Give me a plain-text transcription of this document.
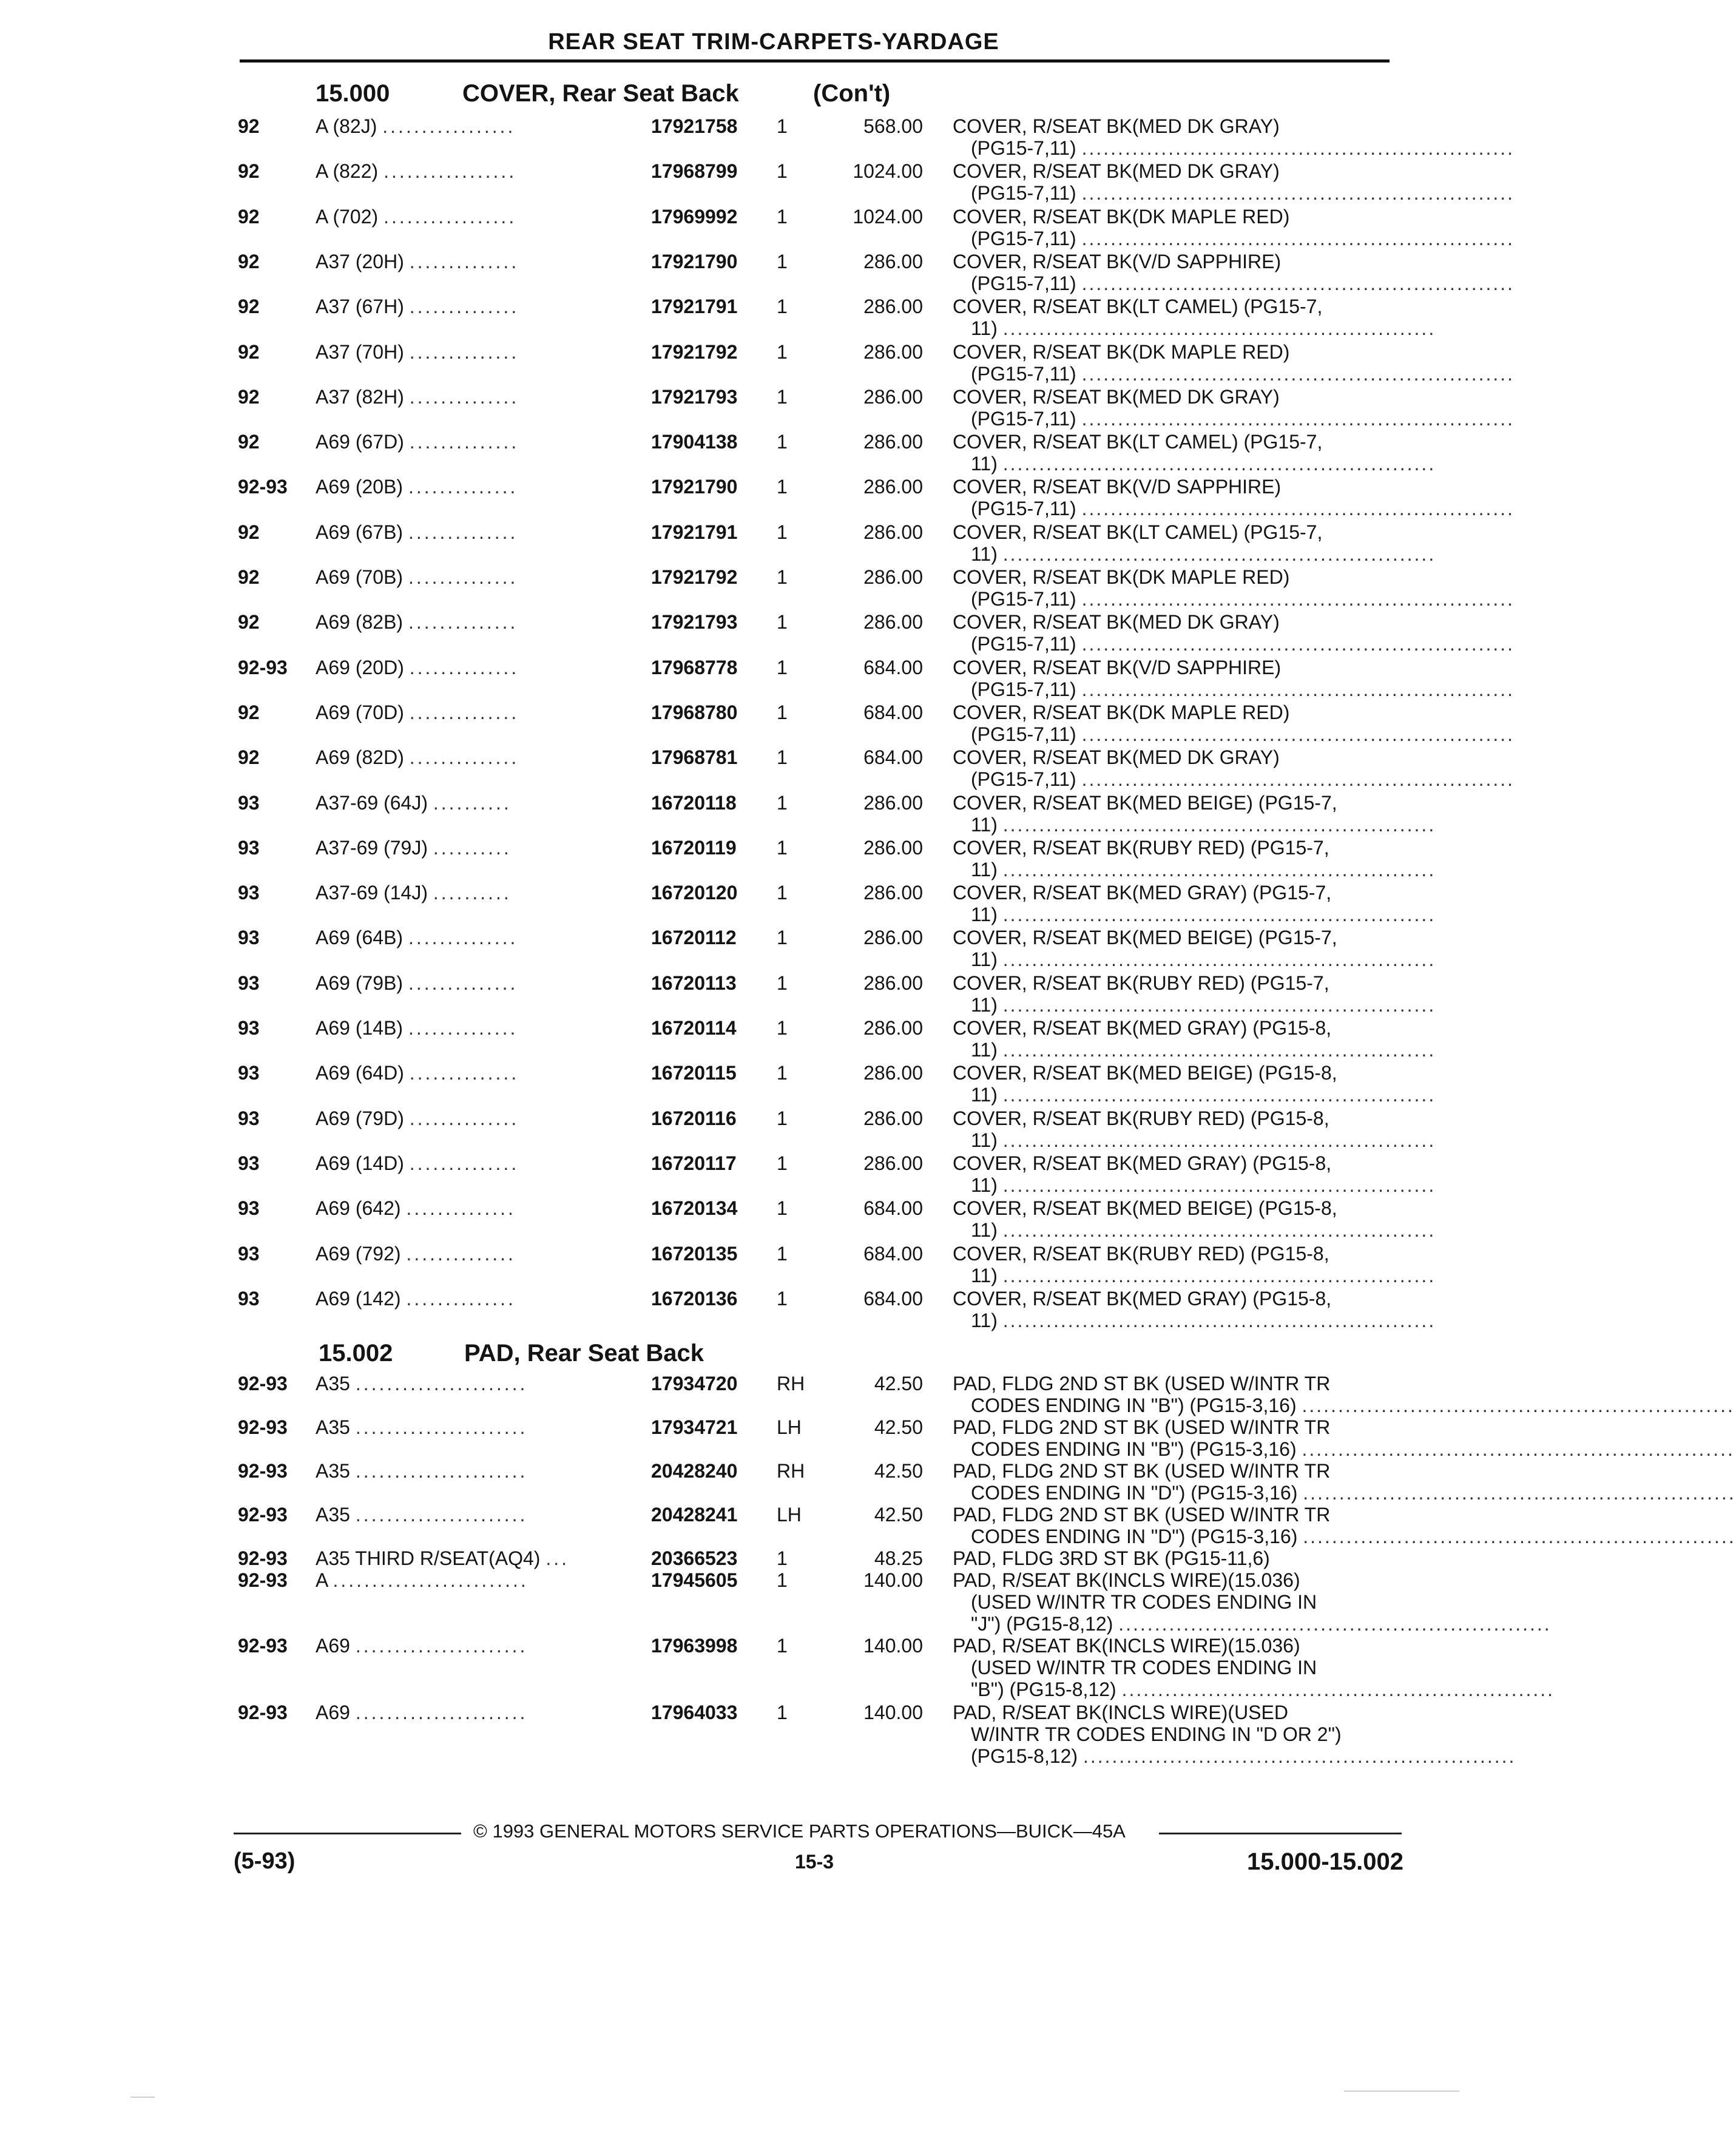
REAR SEAT TRIM-CARPETS-YARDAGE
15.000	COVER, Rear Seat Back	(Con't)
92	A (82J) .................	17921758 1	568.00 COVER, R/SEAT BK(MED DK GRAY)
(PG15-7,11) ............................................................
92	A (822) .................	17968799 1	1024.00 COVER, R/SEAT BK(MED DK GRAY)
(PG15-7,11) ............................................................
92	A (702) .................	17969992 1	1024.00 COVER, R/SEAT BK(DK MAPLE RED)
(PG15-7,11) ............................................................
92	A37 (20H) ..............	17921790 1	286.00 COVER, R/SEAT BK(V/D SAPPHIRE)
(PG15-7,11) ............................................................
92	A37 (67H) ..............	17921791 1	286.00 COVER, R/SEAT BK(LT CAMEL) (PG15-7,
11) ............................................................
92	A37 (70H) ..............	17921792 1	286.00 COVER, R/SEAT BK(DK MAPLE RED)
(PG15-7,11) ............................................................
92	A37 (82H) ..............	17921793 1	286.00 COVER, R/SEAT BK(MED DK GRAY)
(PG15-7,11) ............................................................
92	A69 (67D) ..............	17904138 1	286.00 COVER, R/SEAT BK(LT CAMEL) (PG15-7,
11) ............................................................
92-93 A69 (20B) ..............	17921790 1	286.00 COVER, R/SEAT BK(V/D SAPPHIRE)
(PG15-7,11) ............................................................
92	A69 (67B) ..............	17921791 1	286.00 COVER, R/SEAT BK(LT CAMEL) (PG15-7,
11) ............................................................
92	A69 (70B) ..............	17921792 1	286.00 COVER, R/SEAT BK(DK MAPLE RED)
(PG15-7,11) ............................................................
92	A69 (82B) ..............	17921793 1	286.00 COVER, R/SEAT BK(MED DK GRAY)
(PG15-7,11) ............................................................
92-93 A69 (20D) ..............	17968778 1	684.00 COVER, R/SEAT BK(V/D SAPPHIRE)
(PG15-7,11) ............................................................
92	A69 (70D) ..............	17968780 1	684.00 COVER, R/SEAT BK(DK MAPLE RED)
(PG15-7,11) ............................................................
92	A69 (82D) ..............	17968781 1	684.00 COVER, R/SEAT BK(MED DK GRAY)
(PG15-7,11) ............................................................
93	A37-69 (64J) ..........	16720118 1	286.00 COVER, R/SEAT BK(MED BEIGE) (PG15-7,
11) ............................................................
93	A37-69 (79J) ..........	16720119 1	286.00 COVER, R/SEAT BK(RUBY RED) (PG15-7,
11) ............................................................
93	A37-69 (14J) ..........	16720120 1	286.00 COVER, R/SEAT BK(MED GRAY) (PG15-7,
11) ............................................................
93	A69 (64B) ..............	16720112 1	286.00 COVER, R/SEAT BK(MED BEIGE) (PG15-7,
11) ............................................................
93	A69 (79B) ..............	16720113 1	286.00 COVER, R/SEAT BK(RUBY RED) (PG15-7,
11) ............................................................
93	A69 (14B) ..............	16720114 1	286.00 COVER, R/SEAT BK(MED GRAY) (PG15-8,
11) ............................................................
93	A69 (64D) ..............	16720115 1	286.00 COVER, R/SEAT BK(MED BEIGE) (PG15-8,
11) ............................................................
93	A69 (79D) ..............	16720116 1	286.00 COVER, R/SEAT BK(RUBY RED) (PG15-8,
11) ............................................................
93	A69 (14D) ..............	16720117 1	286.00 COVER, R/SEAT BK(MED GRAY) (PG15-8,
11) ............................................................
93	A69 (642) ..............	16720134 1	684.00 COVER, R/SEAT BK(MED BEIGE) (PG15-8,
11) ............................................................
93	A69 (792) ..............	16720135 1	684.00 COVER, R/SEAT BK(RUBY RED) (PG15-8,
11) ............................................................
93	A69 (142) ..............	16720136 1	684.00 COVER, R/SEAT BK(MED GRAY) (PG15-8,
11) ............................................................
15.002	PAD, Rear Seat Back
92-93 A35 ......................	17934720 RH	42.50 PAD, FLDG 2ND ST BK (USED W/INTR TR
CODES ENDING IN "B") (PG15-3,16) ............................................................
92-93 A35 ......................	17934721 LH	42.50 PAD, FLDG 2ND ST BK (USED W/INTR TR
CODES ENDING IN "B") (PG15-3,16) ............................................................
92-93 A35 ......................	20428240 RH	42.50 PAD, FLDG 2ND ST BK (USED W/INTR TR
CODES ENDING IN "D") (PG15-3,16) ............................................................
92-93 A35 ......................	20428241 LH	42.50 PAD, FLDG 2ND ST BK (USED W/INTR TR
CODES ENDING IN "D") (PG15-3,16) ............................................................
92-93 A35 THIRD R/SEAT(AQ4) ...	20366523 1	48.25 PAD, FLDG 3RD ST BK (PG15-11,6)
92-93 A .........................	17945605 1	140.00 PAD, R/SEAT BK(INCLS WIRE)(15.036)
(USED W/INTR TR CODES ENDING IN
"J") (PG15-8,12) ............................................................
92-93 A69 ......................	17963998 1	140.00 PAD, R/SEAT BK(INCLS WIRE)(15.036)
(USED W/INTR TR CODES ENDING IN
"B") (PG15-8,12) ............................................................
92-93 A69 ......................	17964033 1	140.00 PAD, R/SEAT BK(INCLS WIRE)(USED
W/INTR TR CODES ENDING IN "D OR 2")
(PG15-8,12) ............................................................
© 1993 GENERAL MOTORS SERVICE PARTS OPERATIONS—BUICK—45A
(5-93)	15-3	15.000-15.002
